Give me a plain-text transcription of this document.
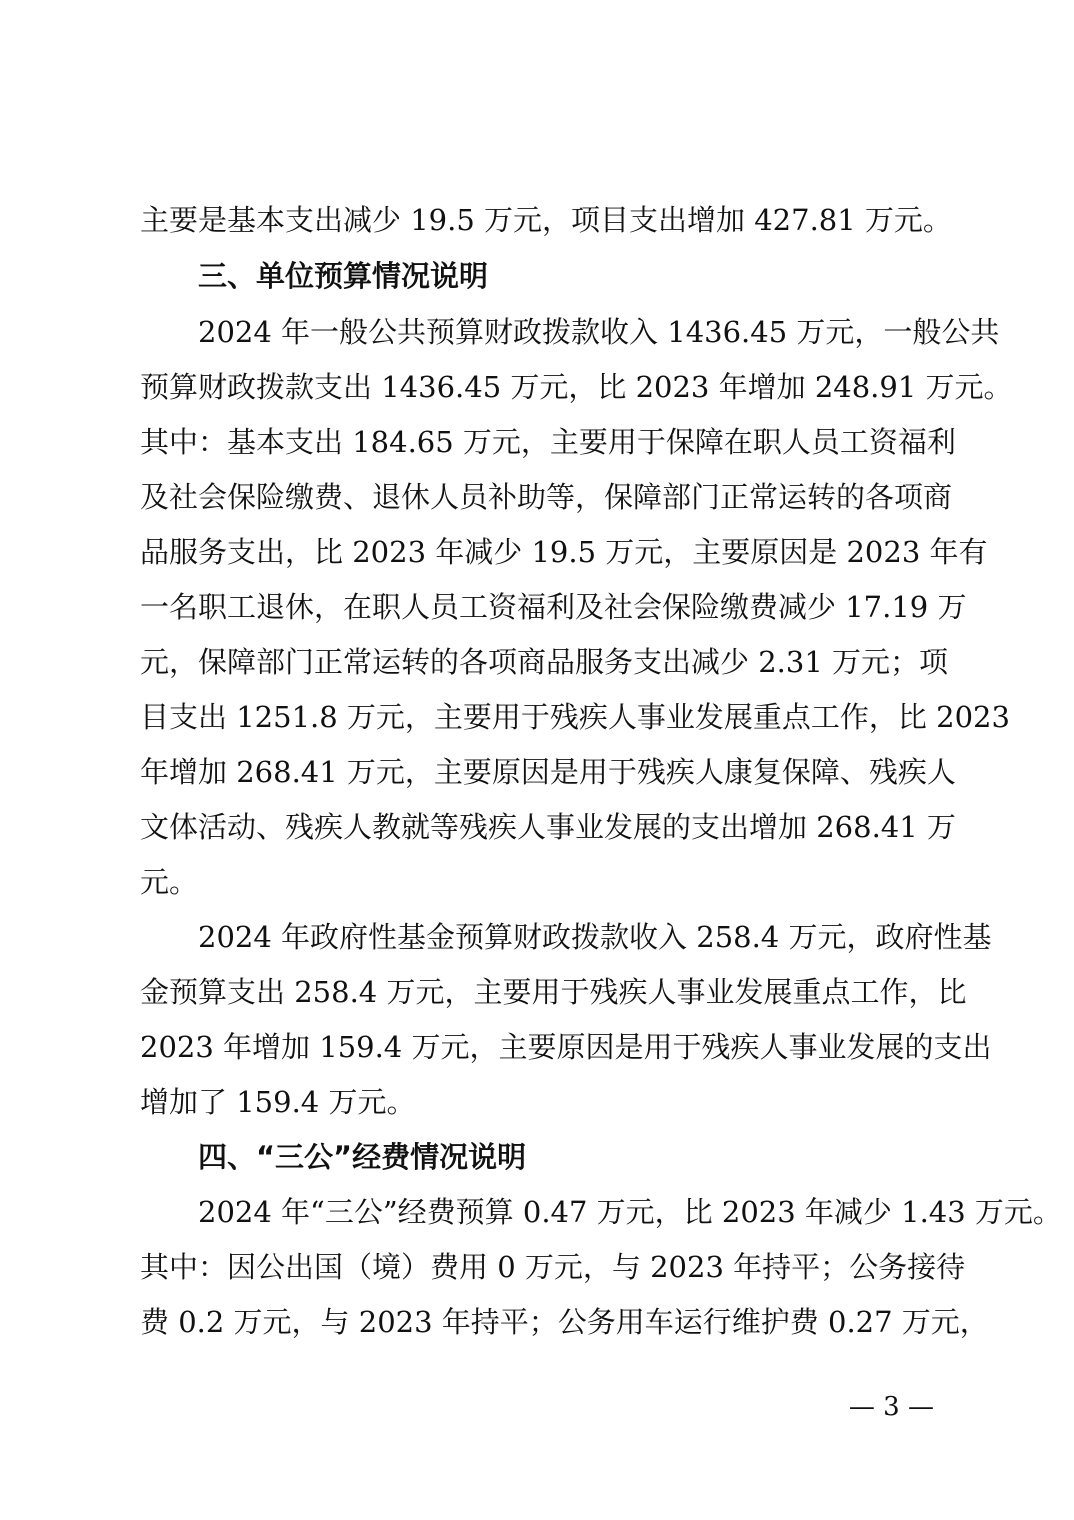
主要是基本支出减少 19.5 万元，项目支出增加 427.81 万元。
三、单位预算情况说明
2024 年一般公共预算财政拨款收入 1436.45 万元，一般公共
预算财政拨款支出 1436.45 万元，比 2023 年增加 248.91 万元。
其中：基本支出 184.65 万元，主要用于保障在职人员工资福利
及社会保险缴费、退休人员补助等，保障部门正常运转的各项商
品服务支出，比 2023 年减少 19.5 万元，主要原因是 2023 年有
一名职工退休，在职人员工资福利及社会保险缴费减少 17.19 万
元，保障部门正常运转的各项商品服务支出减少 2.31 万元；项
目支出 1251.8 万元，主要用于残疾人事业发展重点工作，比 2023
年增加 268.41 万元，主要原因是用于残疾人康复保障、残疾人
文体活动、残疾人教就等残疾人事业发展的支出增加 268.41 万
元。
2024 年政府性基金预算财政拨款收入 258.4 万元，政府性基
金预算支出 258.4 万元，主要用于残疾人事业发展重点工作，比
2023 年增加 159.4 万元，主要原因是用于残疾人事业发展的支出
增加了 159.4 万元。
四、“三公”经费情况说明
2024 年“三公”经费预算 0.47 万元，比 2023 年减少 1.43 万元。
其中：因公出国（境）费用 0 万元，与 2023 年持平；公务接待
费 0.2 万元，与 2023 年持平；公务用车运行维护费 0.27 万元，
— 3 —
